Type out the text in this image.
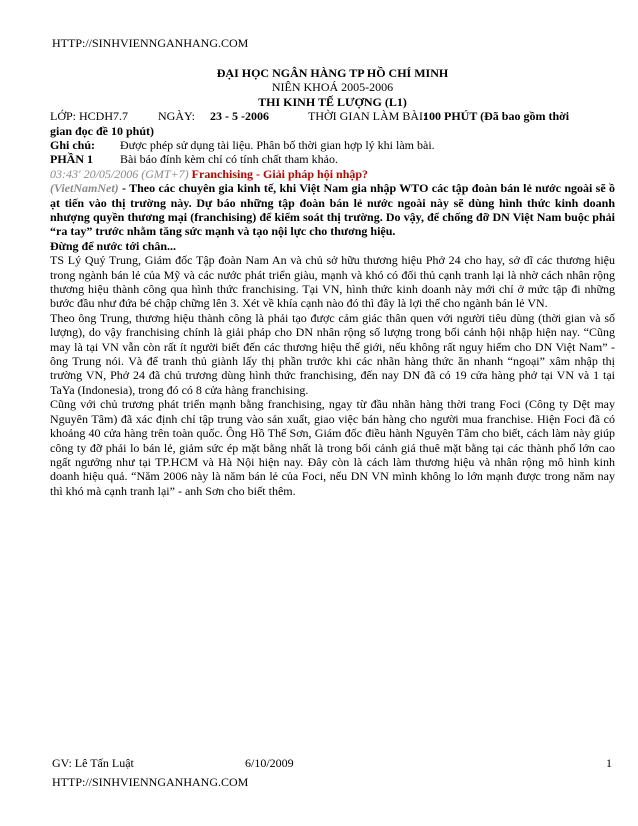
HTTP://SINHVIENNGANHANG.COM
ĐẠI HỌC NGÂN HÀNG TP HỒ CHÍ MINH
NIÊN KHOÁ 2005-2006
THI KINH TẾ LƯỢNG (L1)
LỚP: HCDH7.7 NGÀY: 23 - 5 -2006	THỜI GIAN LÀM BÀI:
100 PHÚT (Đã bao gồm thời
gian đọc đề 10 phút)
Ghi chú: Được phép sử dụng tài liệu. Phân bố thời gian hợp lý khi làm bài.
PHẦN 1 Bài báo đính kèm chỉ có tính chất tham khảo.
03:43' 20/05/2006 (GMT+7) Franchising - Giải pháp hội nhập?

(VietNamNet) - Theo các chuyên gia kinh tế, khi Việt Nam gia nhập WTO các tập đoàn bán lẻ nước ngoài sẽ ồ ạt tiến vào thị trường này. Dự báo những tập đoàn bán lẻ nước ngoài này sẽ dùng hình thức kinh doanh nhượng quyền thương mại (franchising) để kiểm soát thị trường. Do vậy, để chống đỡ DN Việt Nam buộc phải “ra tay” trước nhằm tăng sức mạnh và tạo nội lực cho thương hiệu.

Đừng để nước tới chân...

TS Lý Quý Trung, Giám đốc Tập đoàn Nam An và chủ sở hữu thương hiệu Phở 24 cho hay, sở dĩ các thương hiệu trong ngành bán lẻ của Mỹ và các nước phát triển giàu, mạnh và khó có đối thủ cạnh tranh lại là nhờ cách nhân rộng thương hiệu thành công qua hình thức franchising. Tại VN, hình thức kinh doanh này mới chỉ ở mức tập đi những bước đầu như đứa bé chập chững lên 3. Xét về khía cạnh nào đó thì đây là lợi thế cho ngành bán lẻ VN.

Theo ông Trung, thương hiệu thành công là phải tạo được cảm giác thân quen với người tiêu dùng (thời gian và số lượng), do vậy franchising chính là giải pháp cho DN nhân rộng số lượng trong bối cảnh hội nhập hiện nay. “Cũng may là tại VN vẫn còn rất ít người biết đến các thương hiệu thế giới, nếu không rất nguy hiểm cho DN Việt Nam” - ông Trung nói. Và để tranh thủ giành lấy thị phần trước khi các nhãn hàng thức ăn nhanh “ngoại” xâm nhập thị trường VN, Phở 24 đã chủ trương dùng hình thức franchising, đến nay DN đã có 19 cửa hàng phở tại VN và 1 tại TaYa (Indonesia), trong đó có 8 cửa hàng franchising.

Cũng với chủ trương phát triển mạnh bằng franchising, ngay từ đầu nhãn hàng thời trang Foci (Công ty Dệt may Nguyên Tâm) đã xác định chỉ tập trung vào sản xuất, giao việc bán hàng cho người mua franchise. Hiện Foci đã có khoảng 40 cửa hàng trên toàn quốc. Ông Hồ Thế Sơn, Giám đốc điều hành Nguyên Tâm cho biết, cách làm này giúp công ty đỡ phải lo bán lẻ, giảm sức ép mặt bằng nhất là trong bối cảnh giá thuê mặt bằng tại các thành phố lớn cao ngất ngưởng như tại TP.HCM và Hà Nội hiện nay. Đây còn là cách làm thương hiệu và nhân rộng mô hình kinh doanh hiệu quả. “Năm 2006 này là năm bán lẻ của Foci, nếu DN VN mình không lo lớn mạnh được trong năm nay thì khó mà cạnh tranh lại” - anh Sơn cho biết thêm.

GV: Lê Tấn Luật	6/10/2009	1
HTTP://SINHVIENNGANHANG.COM
